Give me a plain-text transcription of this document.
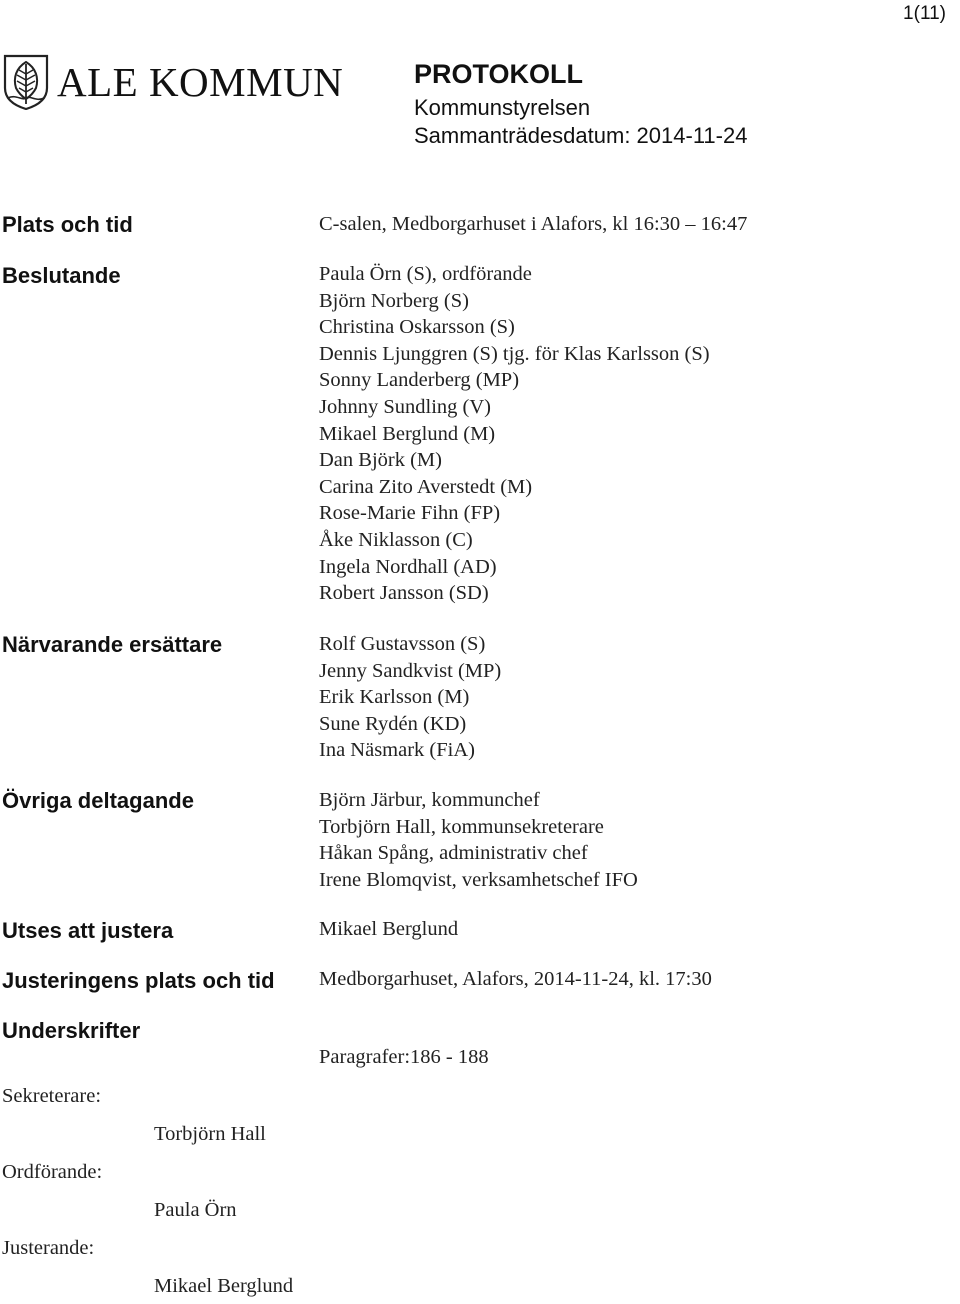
1(11)
ALE KOMMUN	PROTOKOLL
Kommunstyrelsen
Sammanträdesdatum: 2014-11-24
Plats och tid	C-salen, Medborgarhuset i Alafors, kl 16:30 – 16:47
Beslutande	Paula Örn (S), ordförande
Björn Norberg (S)
Christina Oskarsson (S)
Dennis Ljunggren (S) tjg. för Klas Karlsson (S)
Sonny Landerberg (MP)
Johnny Sundling (V)
Mikael Berglund (M)
Dan Björk (M)
Carina Zito Averstedt (M)
Rose-Marie Fihn (FP)
Åke Niklasson (C)
Ingela Nordhall (AD)
Robert Jansson (SD)
Närvarande ersättare	Rolf Gustavsson (S)
Jenny Sandkvist (MP)
Erik Karlsson (M)
Sune Rydén (KD)
Ina Näsmark (FiA)
Övriga deltagande	Björn Järbur, kommunchef
Torbjörn Hall, kommunsekreterare
Håkan Spång, administrativ chef
Irene Blomqvist, verksamhetschef IFO
Utses att justera	Mikael Berglund
Justeringens plats och tid Medborgarhuset, Alafors, 2014-11-24, kl. 17:30
Underskrifter
Paragrafer:186 - 188
Sekreterare:
Torbjörn Hall
Ordförande:
Paula Örn
Justerande:
Mikael Berglund
